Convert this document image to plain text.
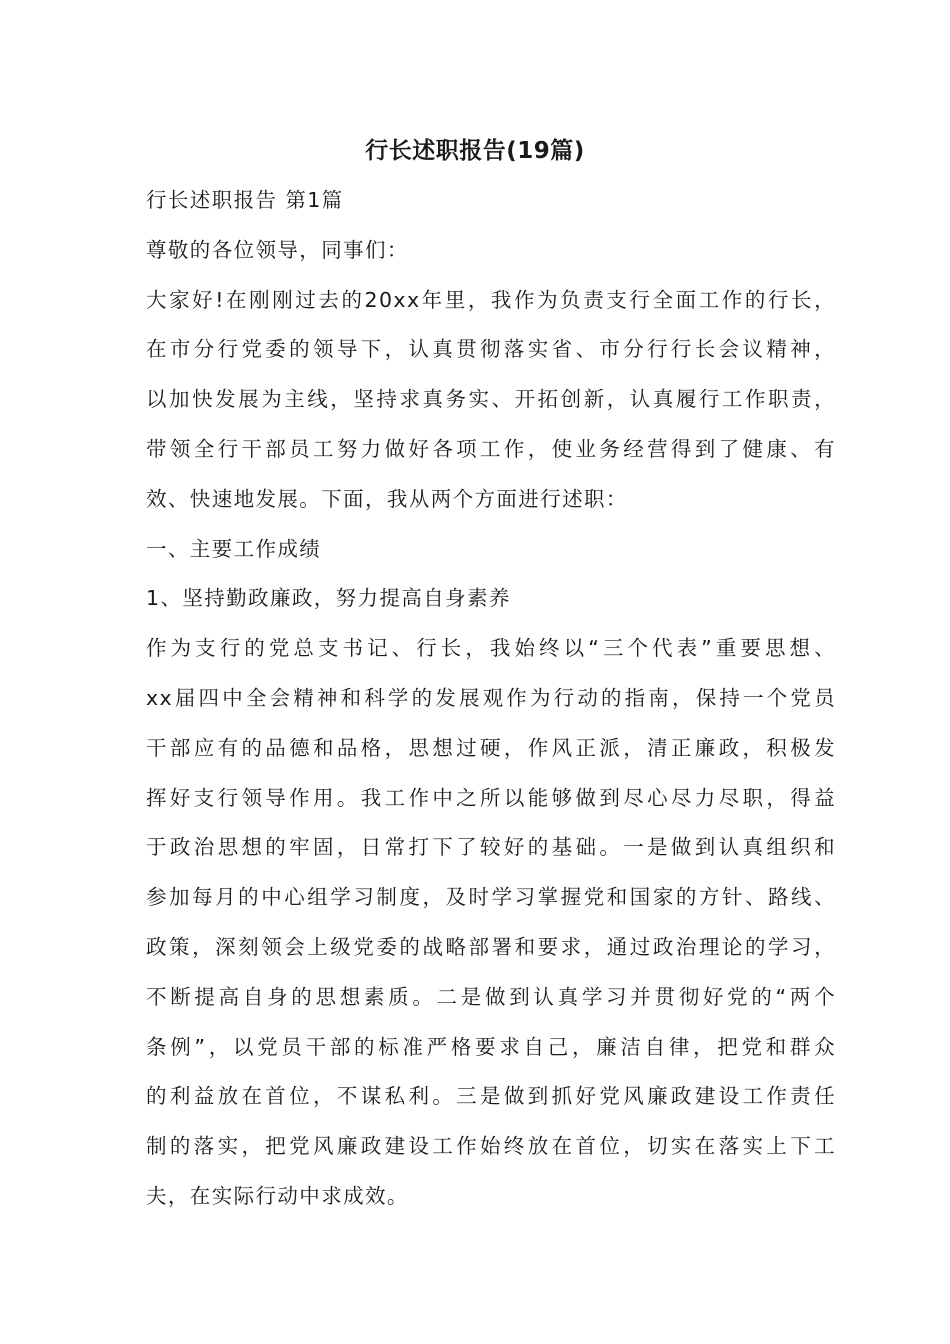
行长述职报告(19篇)
行长述职报告 第1篇
尊敬的各位领导，同事们：
大家好!在刚刚过去的20xx年里，我作为负责支行全面工作的行长，
在市分行党委的领导下，认真贯彻落实省、市分行行长会议精神，
以加快发展为主线，坚持求真务实、开拓创新，认真履行工作职责，
带领全行干部员工努力做好各项工作，使业务经营得到了健康、有
效、快速地发展。下面，我从两个方面进行述职：
一、主要工作成绩
1、坚持勤政廉政，努力提高自身素养
作为支行的党总支书记、行长，我始终以“三个代表”重要思想、
xx届四中全会精神和科学的发展观作为行动的指南，保持一个党员
干部应有的品德和品格，思想过硬，作风正派，清正廉政，积极发
挥好支行领导作用。我工作中之所以能够做到尽心尽力尽职，得益
于政治思想的牢固，日常打下了较好的基础。一是做到认真组织和
参加每月的中心组学习制度，及时学习掌握党和国家的方针、路线、
政策，深刻领会上级党委的战略部署和要求，通过政治理论的学习，
不断提高自身的思想素质。二是做到认真学习并贯彻好党的“两个
条例”，以党员干部的标准严格要求自己，廉洁自律，把党和群众
的利益放在首位，不谋私利。三是做到抓好党风廉政建设工作责任
制的落实，把党风廉政建设工作始终放在首位，切实在落实上下工
夫，在实际行动中求成效。
